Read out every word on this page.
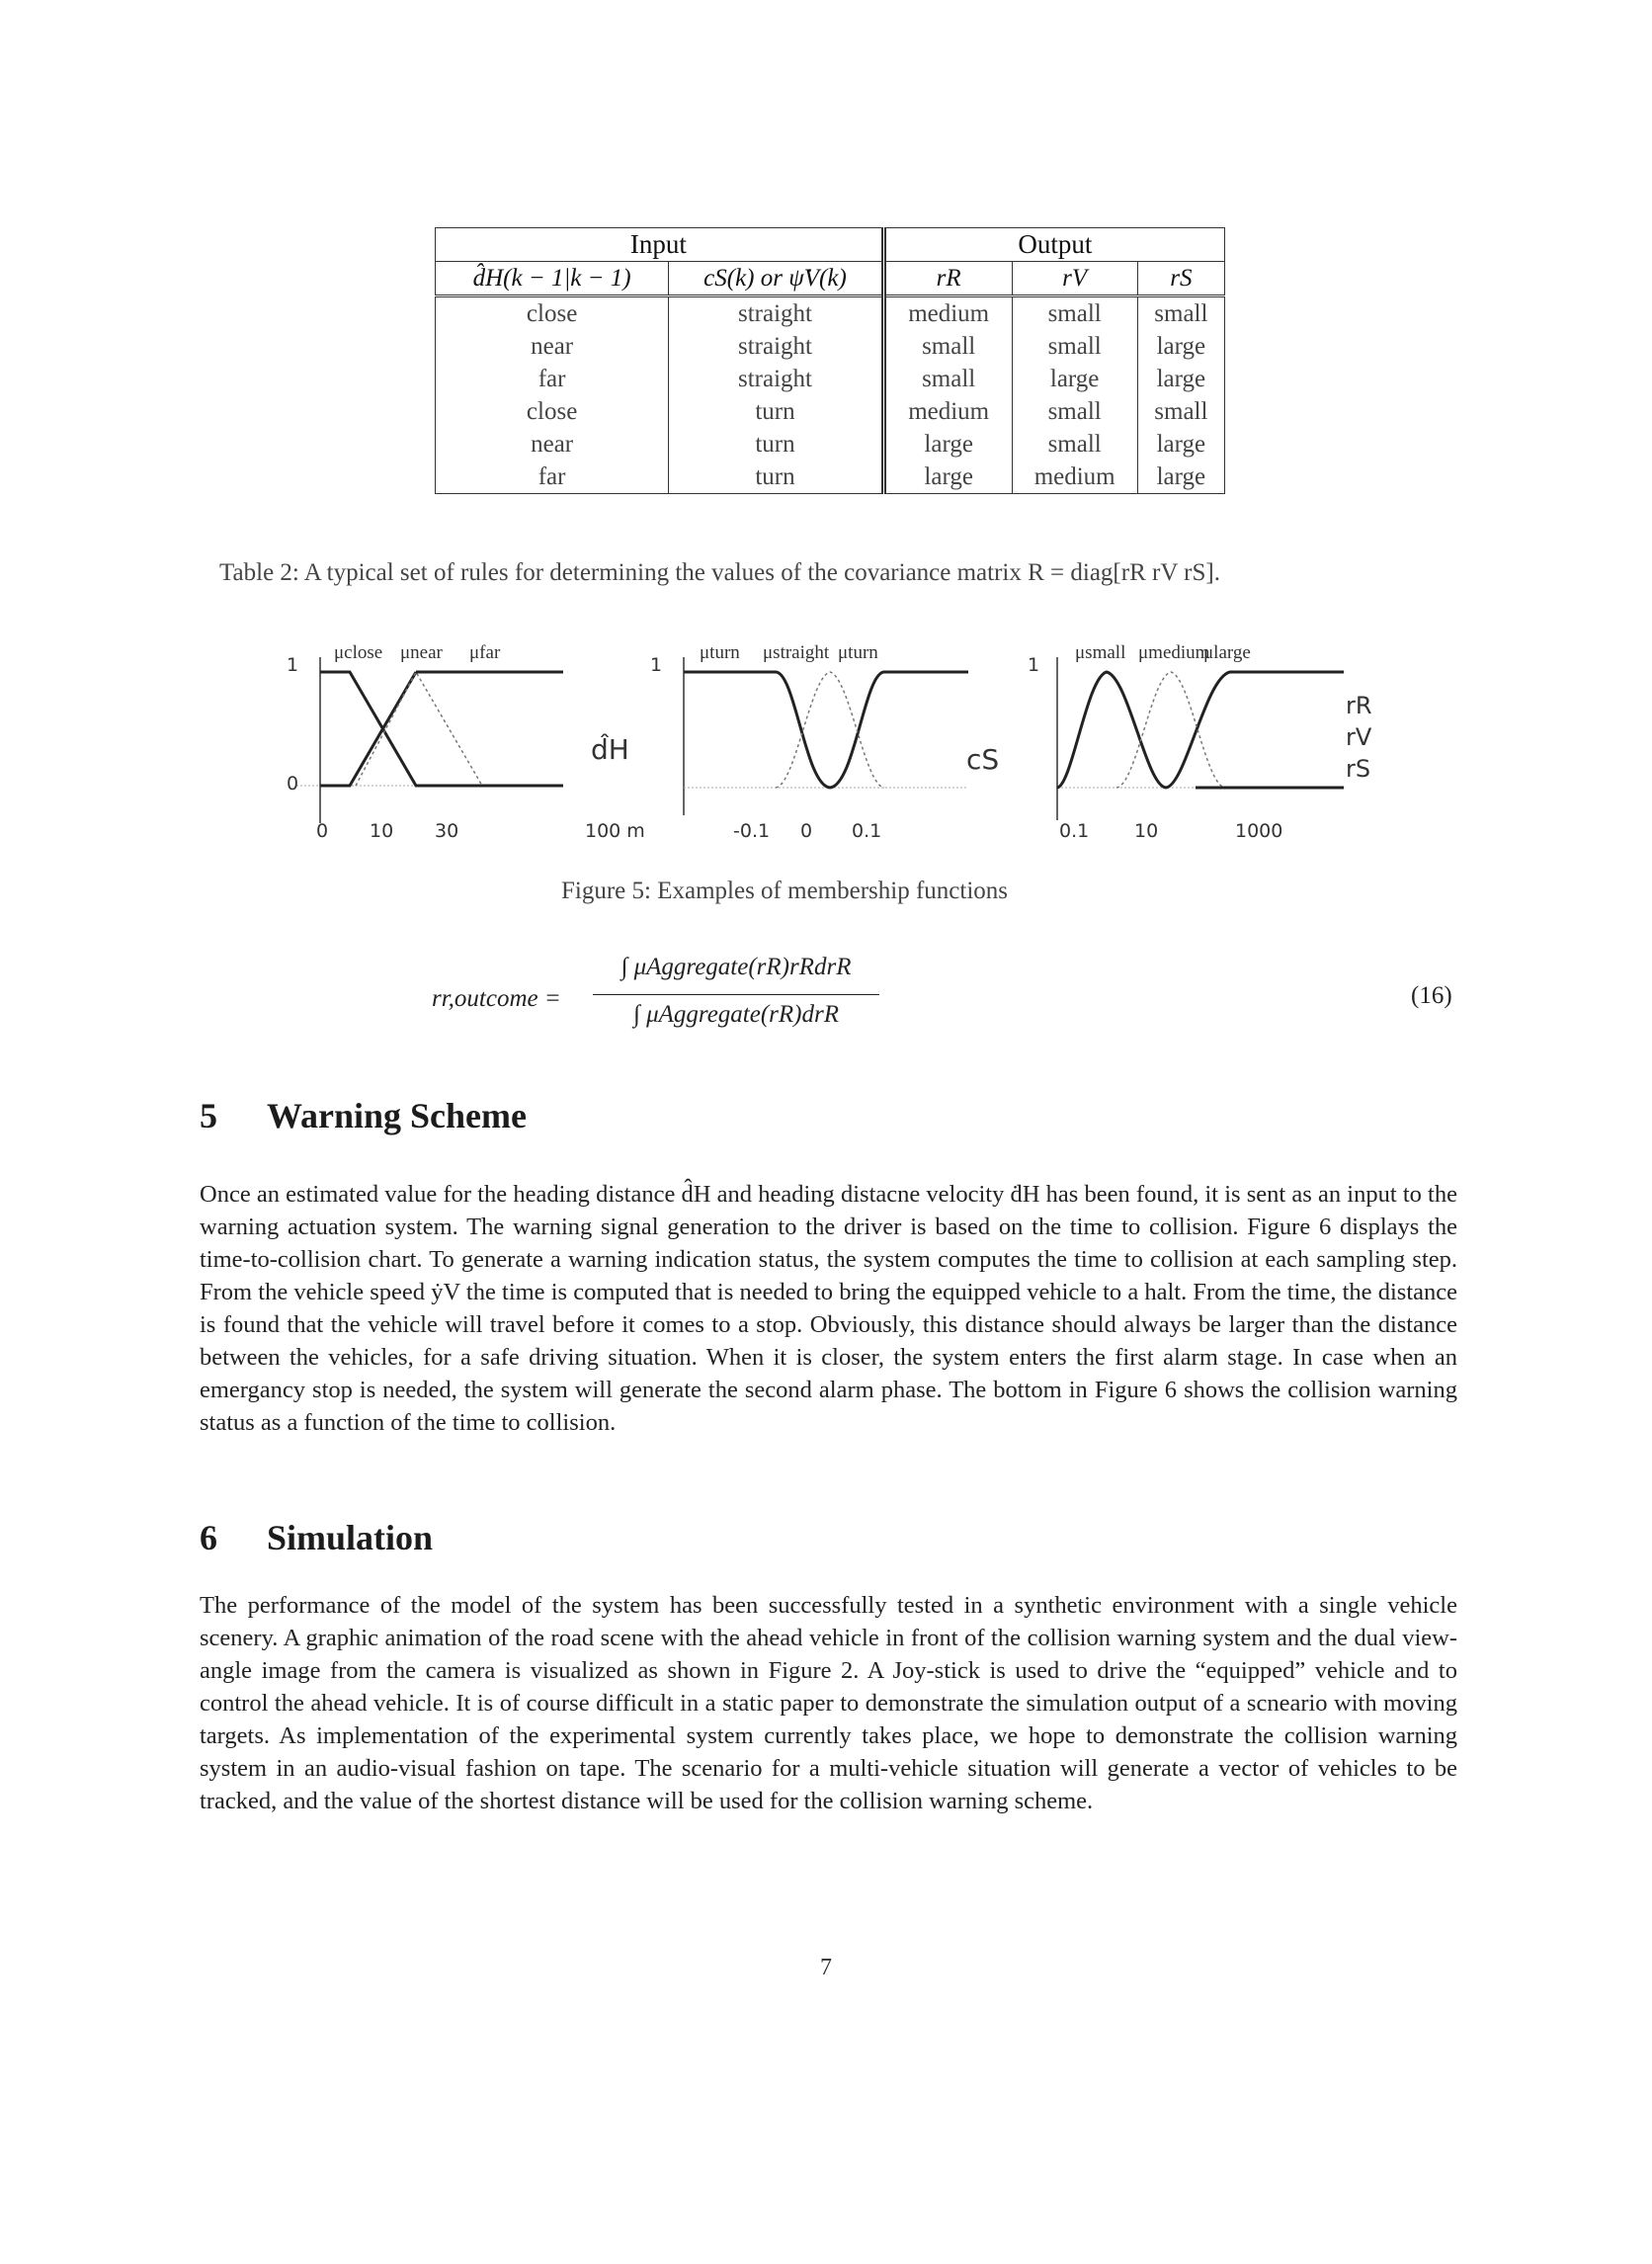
Input		Output		
d̂H(k − 1|k − 1)	cS(k) or ψ̇V(k)	rR	rV	rS
close	straight	medium	small	small
near	straight	small	small	large
far	straight	small	large	large
close	turn	medium	small	small
near	turn	large	small	large
far	turn	large	medium	large
Table 2: A typical set of rules for determining the values of the covariance matrix R = diag[rR rV rS].
1
0
μclose μnear μfar
d̂H
0 10 30	100 m
1
μturn μstraight μturn
cS
-0.1 0 0.1
1
μsmall μmedium
μlarge
0.1 10	1000
rR
rV
rS
Figure 5: Examples of membership functions
rr,outcome =
∫ μAggregate(rR)rRdrR
∫ μAggregate(rR)drR
(16)
5 Warning Scheme
Once an estimated value for the heading distance d̂H and heading distacne velocity ḋH has been found, it is sent as an input to the warning actuation system. The warning signal generation to the driver is based on the time to collision. Figure 6 displays the time-to-collision chart. To generate a warning indication status, the system computes the time to collision at each sampling step. From the vehicle speed ẏV the time is computed that is needed to bring the equipped vehicle to a halt. From the time, the distance is found that the vehicle will travel before it comes to a stop. Obviously, this distance should always be larger than the distance between the vehicles, for a safe driving situation. When it is closer, the system enters the first alarm stage. In case when an emergancy stop is needed, the system will generate the second alarm phase. The bottom in Figure 6 shows the collision warning status as a function of the time to collision.
6 Simulation
The performance of the model of the system has been successfully tested in a synthetic environment with a single vehicle scenery. A graphic animation of the road scene with the ahead vehicle in front of the collision warning system and the dual view-angle image from the camera is visualized as shown in Figure 2. A Joy-stick is used to drive the “equipped” vehicle and to control the ahead vehicle. It is of course difficult in a static paper to demonstrate the simulation output of a scneario with moving targets. As implementation of the experimental system currently takes place, we hope to demonstrate the collision warning system in an audio-visual fashion on tape. The scenario for a multi-vehicle situation will generate a vector of vehicles to be tracked, and the value of the shortest distance will be used for the collision warning scheme.
7
